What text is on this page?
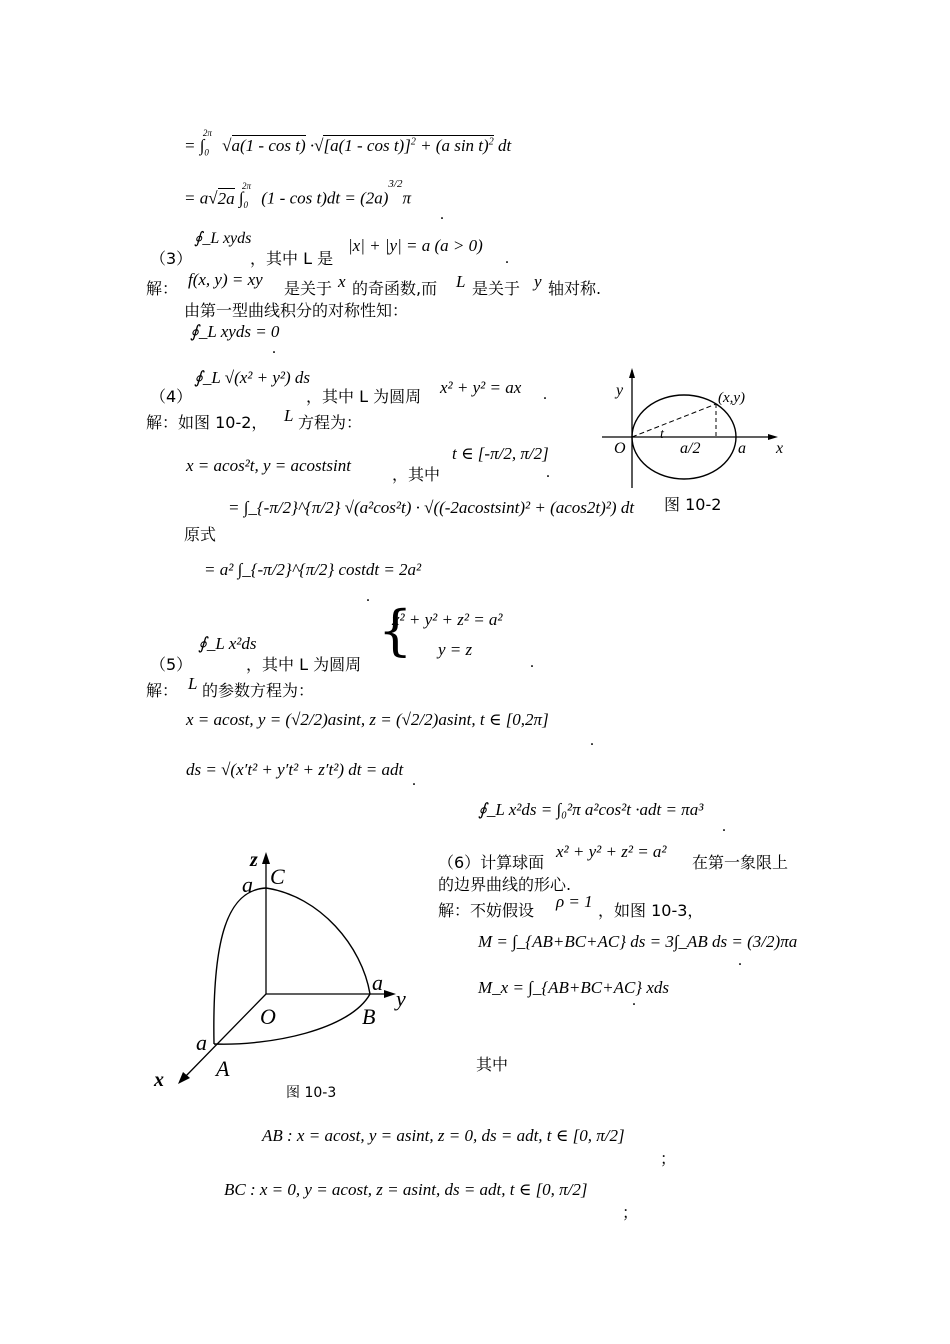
= $\int_0^{2\pi}$ √a(1 - cos t) ·√[a(1 - cos t)]$^2$ + (a sin t)$^2$ dt
= a√2a $\int_0^{2\pi}$ $(1 - \cos t)dt = (2a)^{3/2}\pi$
.
（3）
∮_L xyds
，其中 L 是
|x| + |y| = a (a > 0)
.
解： f(x, y) = xy 是关于 x 的奇函数,而 L 是关于 y 轴对称.
由第一型曲线积分的对称性知：
∮_L xyds = 0
.
（4）
∮_L √(x² + y²) ds
，其中 L 为圆周 x² + y² = ax .
解：如图 10-2， L 方程为：
x = acos²t, y = acostsint	，其中
t ∈ [-π/2, π/2]
.
原式
= ∫_{-π/2}^{π/2} √(a²cos²t) · √((-2acostsint)² + (acos2t)²) dt
= a² ∫_{-π/2}^{π/2} costdt = 2a²
.
y
x
O
(x,y)
t
a/2 a
图 10-2
（5）
∮_L x²ds
，其中 L 为圆周
{
x² + y² + z² = a²
y = z
.
解： L 的参数方程为：
x = acost, y = (√2/2)asint, z = (√2/2)asint, t ∈ [0,2π]
.
ds = √(x′t² + y′t² + z′t²) dt = adt
.
∮_L x²ds = ∫₀²π a²cos²t ·adt = πa³
.
（6）计算球面
x² + y² + z² = a²
在第一象限上
的边界曲线的形心.
解：不妨假设 ρ = 1 ，如图 10-3，
M = ∫_{AB+BC+AC} ds = 3∫_AB ds = (3/2)πa
.
M_x = ∫_{AB+BC+AC} xds
.
其中
z
C
a
a
y
O	B
a
A
x
图 10-3
AB : x = acost, y = asint, z = 0, ds = adt, t ∈ [0, π/2]
；
BC : x = 0, y = acost, z = asint, ds = adt, t ∈ [0, π/2]
；
